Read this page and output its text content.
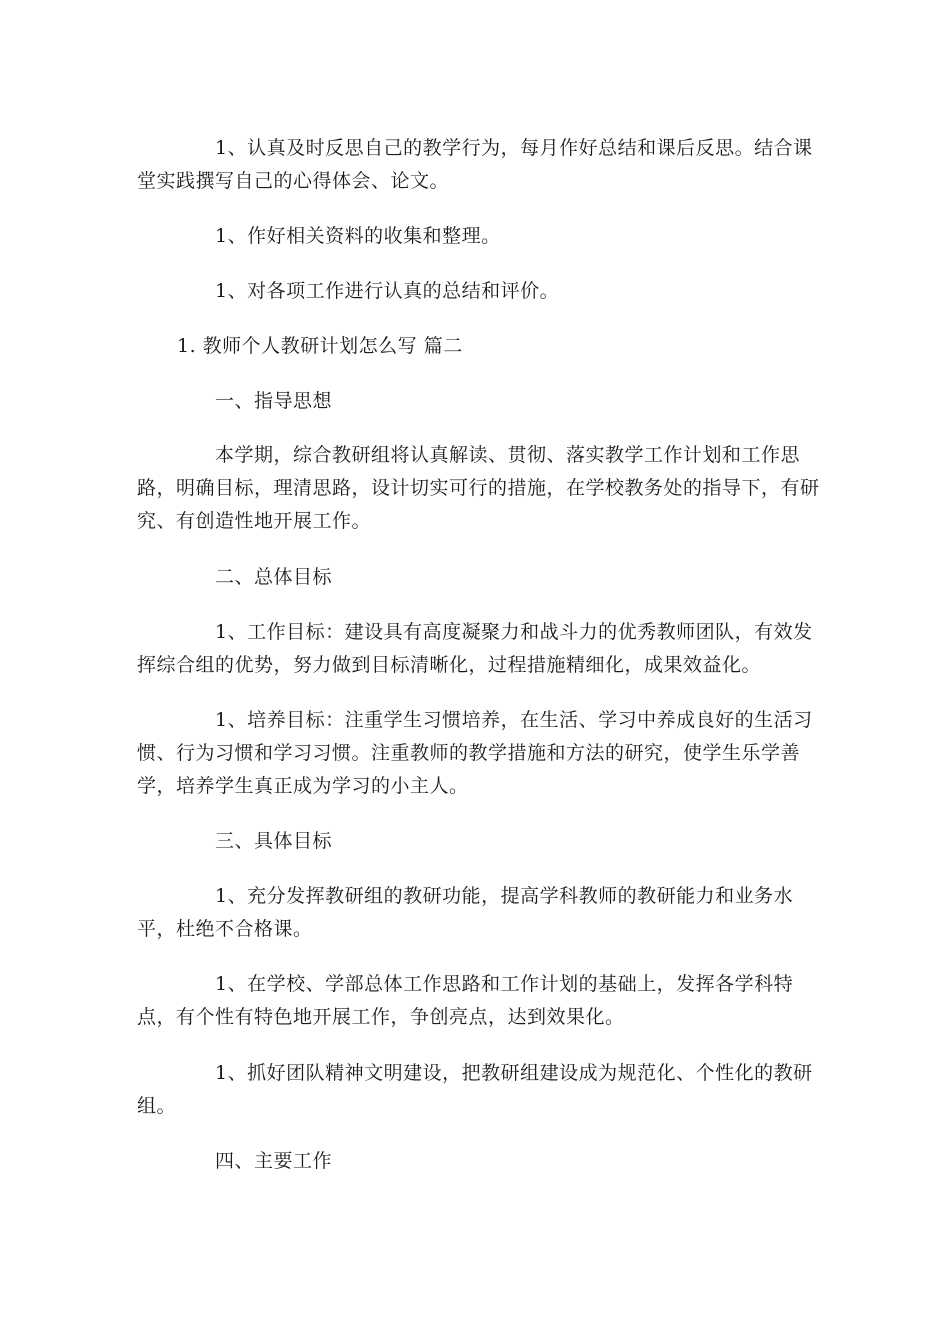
1、认真及时反思自己的教学行为，每月作好总结和课后反思。结合课堂实践撰写自己的心得体会、论文。

1、作好相关资料的收集和整理。

1、对各项工作进行认真的总结和评价。

1. 教师个人教研计划怎么写 篇二

一、指导思想

本学期，综合教研组将认真解读、贯彻、落实教学工作计划和工作思路，明确目标，理清思路，设计切实可行的措施，在学校教务处的指导下，有研究、有创造性地开展工作。

二、总体目标

1、工作目标：建设具有高度凝聚力和战斗力的优秀教师团队，有效发挥综合组的优势，努力做到目标清晰化，过程措施精细化，成果效益化。

1、培养目标：注重学生习惯培养，在生活、学习中养成良好的生活习惯、行为习惯和学习习惯。注重教师的教学措施和方法的研究，使学生乐学善学，培养学生真正成为学习的小主人。

三、具体目标

1、充分发挥教研组的教研功能，提高学科教师的教研能力和业务水平，杜绝不合格课。

1、在学校、学部总体工作思路和工作计划的基础上，发挥各学科特点，有个性有特色地开展工作，争创亮点，达到效果化。

1、抓好团队精神文明建设，把教研组建设成为规范化、个性化的教研组。

四、主要工作
